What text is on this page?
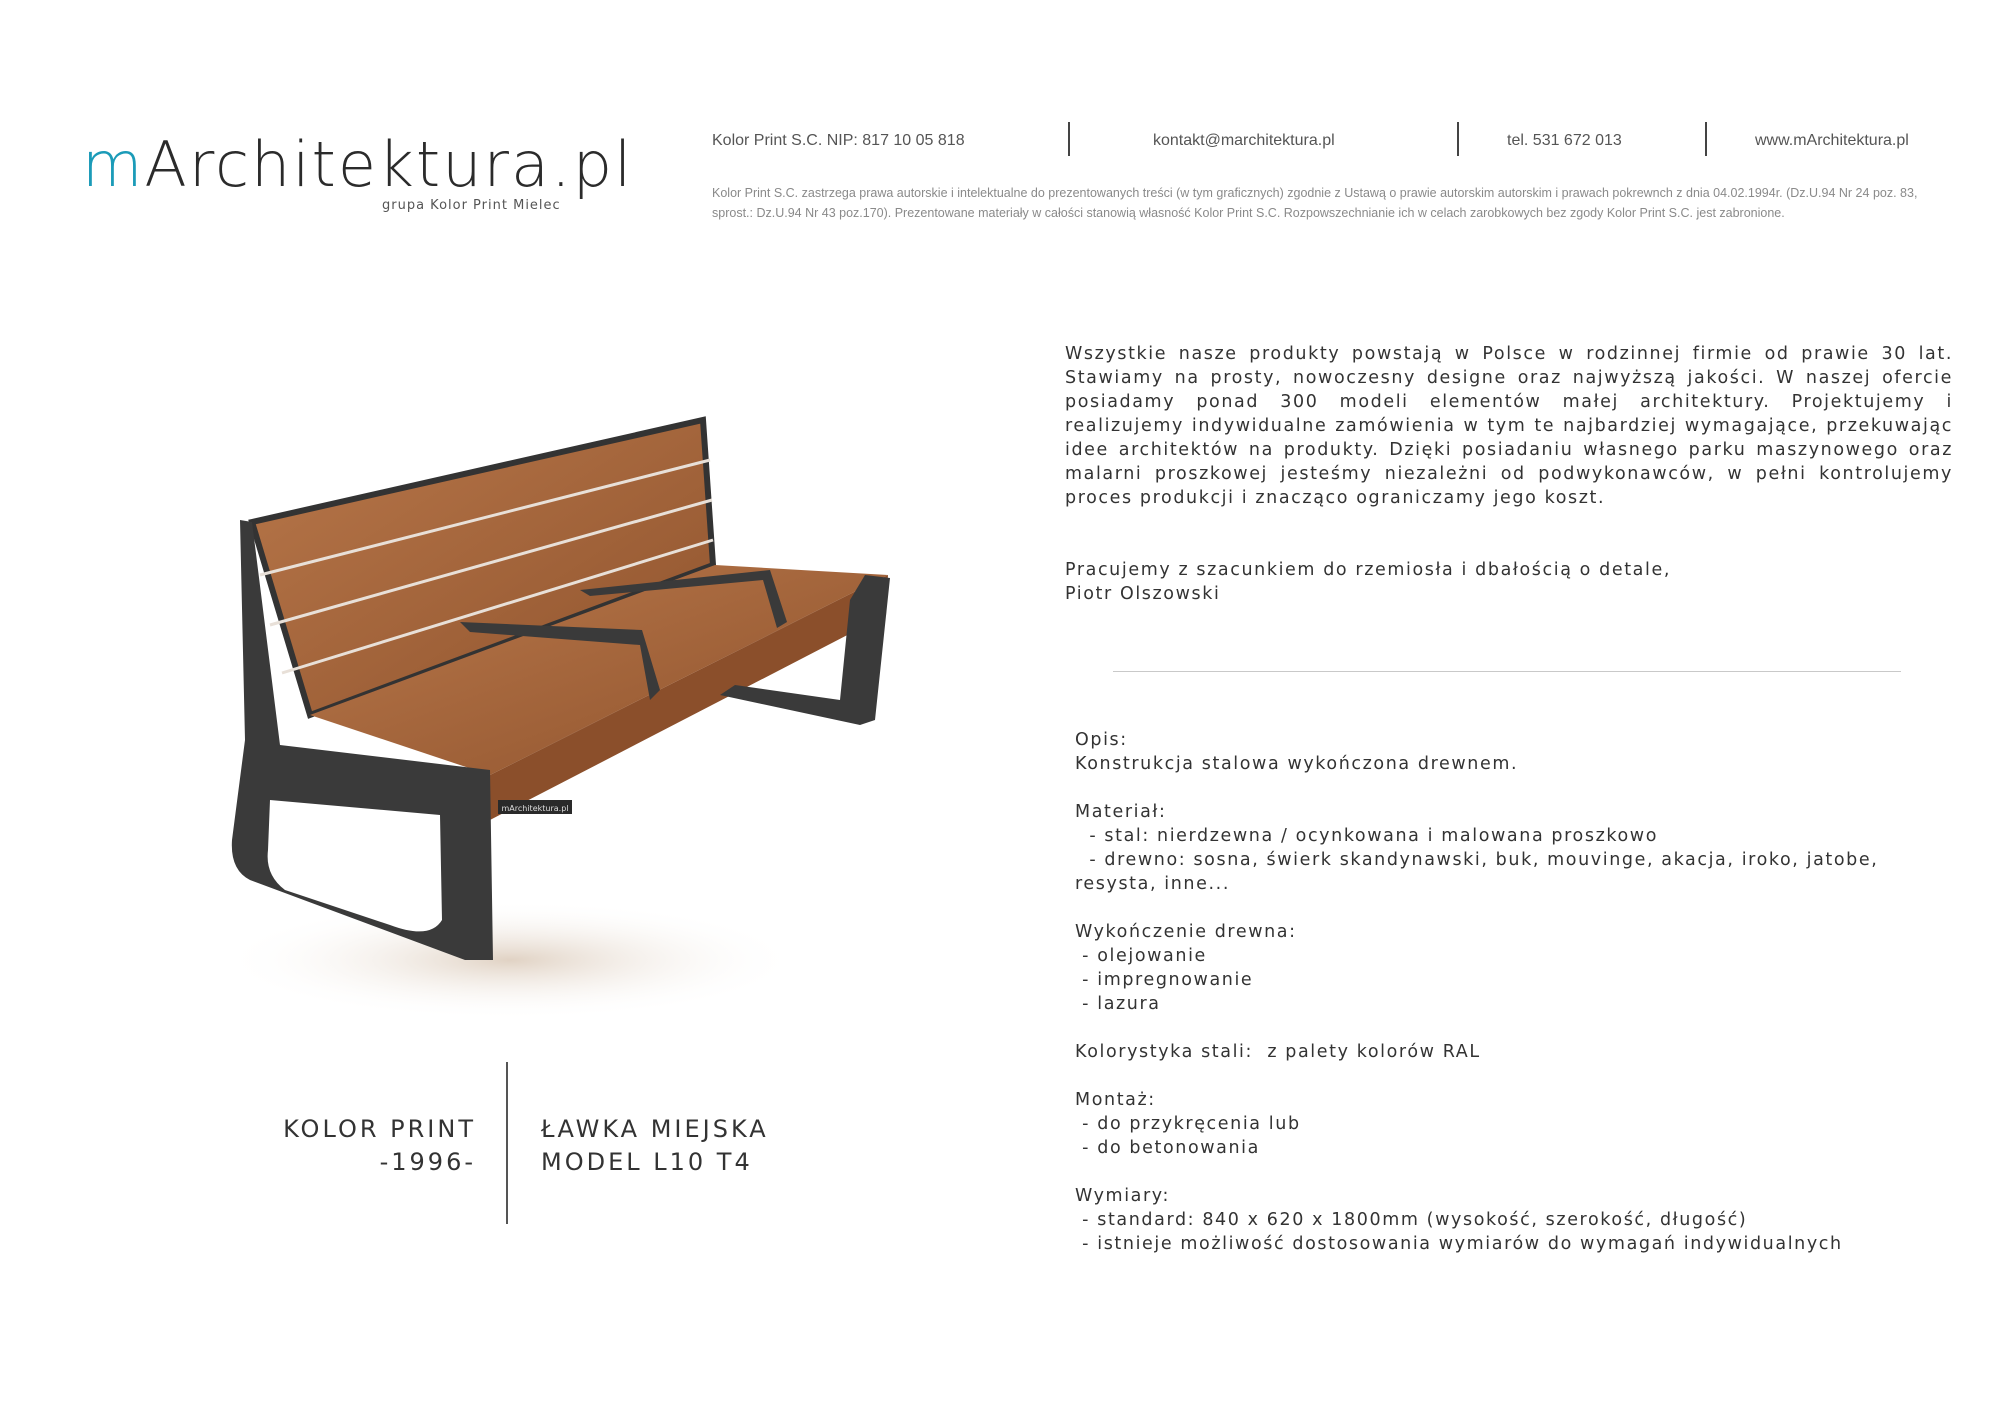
mArchitektura.pl
grupa Kolor Print Mielec
Kolor Print S.C. NIP: 817 10 05 818	kontakt@marchitektura.pl	tel. 531 672 013	www.mArchitektura.pl
Kolor Print S.C. zastrzega prawa autorskie i intelektualne do prezentowanych treści (w tym graficznych) zgodnie z Ustawą o prawie autorskim autorskim i prawach pokrewnch z dnia 04.02.1994r. (Dz.U.94 Nr 24 poz. 83, sprost.: Dz.U.94 Nr 43 poz.170). Prezentowane materiały w całości stanowią własność Kolor Print S.C. Rozpowszechnianie ich w celach zarobkowych bez zgody Kolor Print S.C. jest zabronione.

Wszystkie nasze produkty powstają w Polsce w rodzinnej firmie od prawie 30 lat. Stawiamy na prosty, nowoczesny designe oraz najwyższą jakości. W naszej ofercie posiadamy ponad 300 modeli elementów małej architektury. Projektujemy i realizujemy indywidualne zamówienia w tym te najbardziej wymagające, przekuwając idee architektów na produkty. Dzięki posiadaniu własnego parku maszynowego oraz malarni proszkowej jesteśmy niezależni od podwykonawców, w pełni kontrolujemy proces produkcji i znacząco ograniczamy jego koszt.

Pracujemy z szacunkiem do rzemiosła i dbałością o detale,
Piotr Olszowski
Opis:
Konstrukcja stalowa wykończona drewnem.
Materiał:
- stal: nierdzewna / ocynkowana i malowana proszkowo
- drewno: sosna, świerk skandynawski, buk, mouvinge, akacja, iroko, jatobe, resysta, inne...
Wykończenie drewna:
- olejowanie
- impregnowanie
- lazura
Kolorystyka stali:  z palety kolorów RAL
Montaż:
- do przykręcenia lub
- do betonowania
Wymiary:
- standard: 840 x 620 x 1800mm (wysokość, szerokość, długość)
- istnieje możliwość dostosowania wymiarów do wymagań indywidualnych
mArchitektura.pl
KOLOR PRINT
-1996-
ŁAWKA MIEJSKA
MODEL L10 T4
